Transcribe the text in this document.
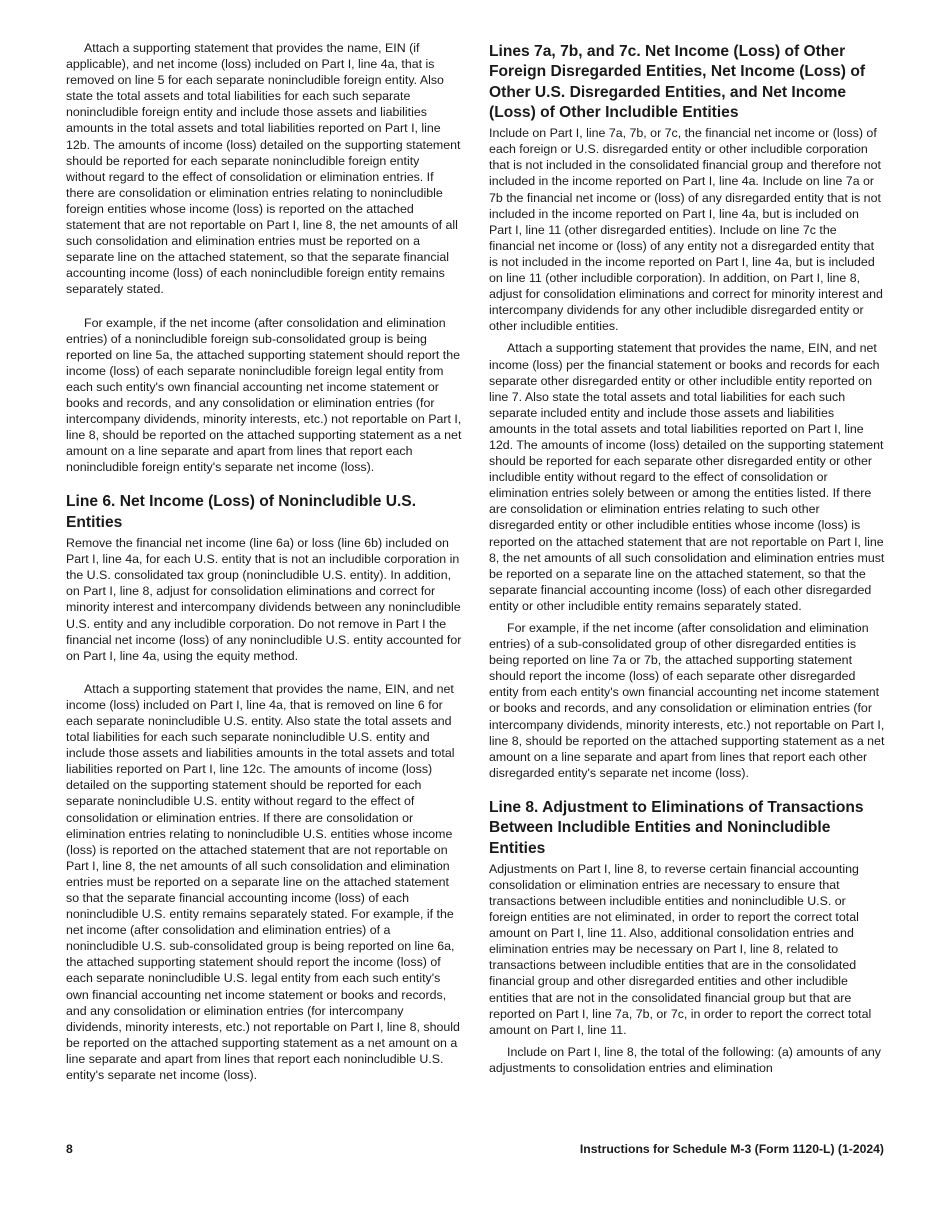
Attach a supporting statement that provides the name, EIN (if applicable), and net income (loss) included on Part I, line 4a, that is removed on line 5 for each separate nonincludible foreign entity. Also state the total assets and total liabilities for each such separate nonincludible foreign entity and include those assets and liabilities amounts in the total assets and total liabilities reported on Part I, line 12b. The amounts of income (loss) detailed on the supporting statement should be reported for each separate nonincludible foreign entity without regard to the effect of consolidation or elimination entries. If there are consolidation or elimination entries relating to nonincludible foreign entities whose income (loss) is reported on the attached statement that are not reportable on Part I, line 8, the net amounts of all such consolidation and elimination entries must be reported on a separate line on the attached statement, so that the separate financial accounting income (loss) of each nonincludible foreign entity remains separately stated.

For example, if the net income (after consolidation and elimination entries) of a nonincludible foreign sub-consolidated group is being reported on line 5a, the attached supporting statement should report the income (loss) of each separate nonincludible foreign legal entity from each such entity's own financial accounting net income statement or books and records, and any consolidation or elimination entries (for intercompany dividends, minority interests, etc.) not reportable on Part I, line 8, should be reported on the attached supporting statement as a net amount on a line separate and apart from lines that report each nonincludible foreign entity's separate net income (loss).

Line 6. Net Income (Loss) of Nonincludible U.S. Entities

Remove the financial net income (line 6a) or loss (line 6b) included on Part I, line 4a, for each U.S. entity that is not an includible corporation in the U.S. consolidated tax group (nonincludible U.S. entity). In addition, on Part I, line 8, adjust for consolidation eliminations and correct for minority interest and intercompany dividends between any nonincludible U.S. entity and any includible corporation. Do not remove in Part I the financial net income (loss) of any nonincludible U.S. entity accounted for on Part I, line 4a, using the equity method.

Attach a supporting statement that provides the name, EIN, and net income (loss) included on Part I, line 4a, that is removed on line 6 for each separate nonincludible U.S. entity. Also state the total assets and total liabilities for each such separate nonincludible U.S. entity and include those assets and liabilities amounts in the total assets and total liabilities reported on Part I, line 12c. The amounts of income (loss) detailed on the supporting statement should be reported for each separate nonincludible U.S. entity without regard to the effect of consolidation or elimination entries. If there are consolidation or elimination entries relating to nonincludible U.S. entities whose income (loss) is reported on the attached statement that are not reportable on Part I, line 8, the net amounts of all such consolidation and elimination entries must be reported on a separate line on the attached statement so that the separate financial accounting income (loss) of each nonincludible U.S. entity remains separately stated. For example, if the net income (after consolidation and elimination entries) of a nonincludible U.S. sub-consolidated group is being reported on line 6a, the attached supporting statement should report the income (loss) of each separate nonincludible U.S. legal entity from each such entity's own financial accounting net income statement or books and records, and any consolidation or elimination entries (for intercompany dividends, minority interests, etc.) not reportable on Part I, line 8, should be reported on the attached supporting statement as a net amount on a line separate and apart from lines that report each nonincludible U.S. entity's separate net income (loss).

Lines 7a, 7b, and 7c. Net Income (Loss) of Other Foreign Disregarded Entities, Net Income (Loss) of Other U.S. Disregarded Entities, and Net Income (Loss) of Other Includible Entities

Include on Part I, line 7a, 7b, or 7c, the financial net income or (loss) of each foreign or U.S. disregarded entity or other includible corporation that is not included in the consolidated financial group and therefore not included in the income reported on Part I, line 4a. Include on line 7a or 7b the financial net income or (loss) of any disregarded entity that is not included in the income reported on Part I, line 4a, but is included on Part I, line 11 (other disregarded entities). Include on line 7c the financial net income or (loss) of any entity not a disregarded entity that is not included in the income reported on Part I, line 4a, but is included on line 11 (other includible corporation). In addition, on Part I, line 8, adjust for consolidation eliminations and correct for minority interest and intercompany dividends for any other includible disregarded entity or other includible entities.

Attach a supporting statement that provides the name, EIN, and net income (loss) per the financial statement or books and records for each separate other disregarded entity or other includible entity reported on line 7. Also state the total assets and total liabilities for each such separate included entity and include those assets and liabilities amounts in the total assets and total liabilities reported on Part I, line 12d. The amounts of income (loss) detailed on the supporting statement should be reported for each separate other disregarded entity or other includible entity without regard to the effect of consolidation or elimination entries solely between or among the entities listed. If there are consolidation or elimination entries relating to such other disregarded entity or other includible entities whose income (loss) is reported on the attached statement that are not reportable on Part I, line 8, the net amounts of all such consolidation and elimination entries must be reported on a separate line on the attached statement, so that the separate financial accounting income (loss) of each other disregarded entity or other includible entity remains separately stated.

For example, if the net income (after consolidation and elimination entries) of a sub-consolidated group of other disregarded entities is being reported on line 7a or 7b, the attached supporting statement should report the income (loss) of each separate other disregarded entity from each entity's own financial accounting net income statement or books and records, and any consolidation or elimination entries (for intercompany dividends, minority interests, etc.) not reportable on Part I, line 8, should be reported on the attached supporting statement as a net amount on a line separate and apart from lines that report each other disregarded entity's separate net income (loss).

Line 8. Adjustment to Eliminations of Transactions Between Includible Entities and Nonincludible Entities

Adjustments on Part I, line 8, to reverse certain financial accounting consolidation or elimination entries are necessary to ensure that transactions between includible entities and nonincludible U.S. or foreign entities are not eliminated, in order to report the correct total amount on Part I, line 11. Also, additional consolidation entries and elimination entries may be necessary on Part I, line 8, related to transactions between includible entities that are in the consolidated financial group and other disregarded entities and other includible entities that are not in the consolidated financial group but that are reported on Part I, line 7a, 7b, or 7c, in order to report the correct total amount on Part I, line 11.

Include on Part I, line 8, the total of the following: (a) amounts of any adjustments to consolidation entries and elimination

8	Instructions for Schedule M-3 (Form 1120-L) (1-2024)
